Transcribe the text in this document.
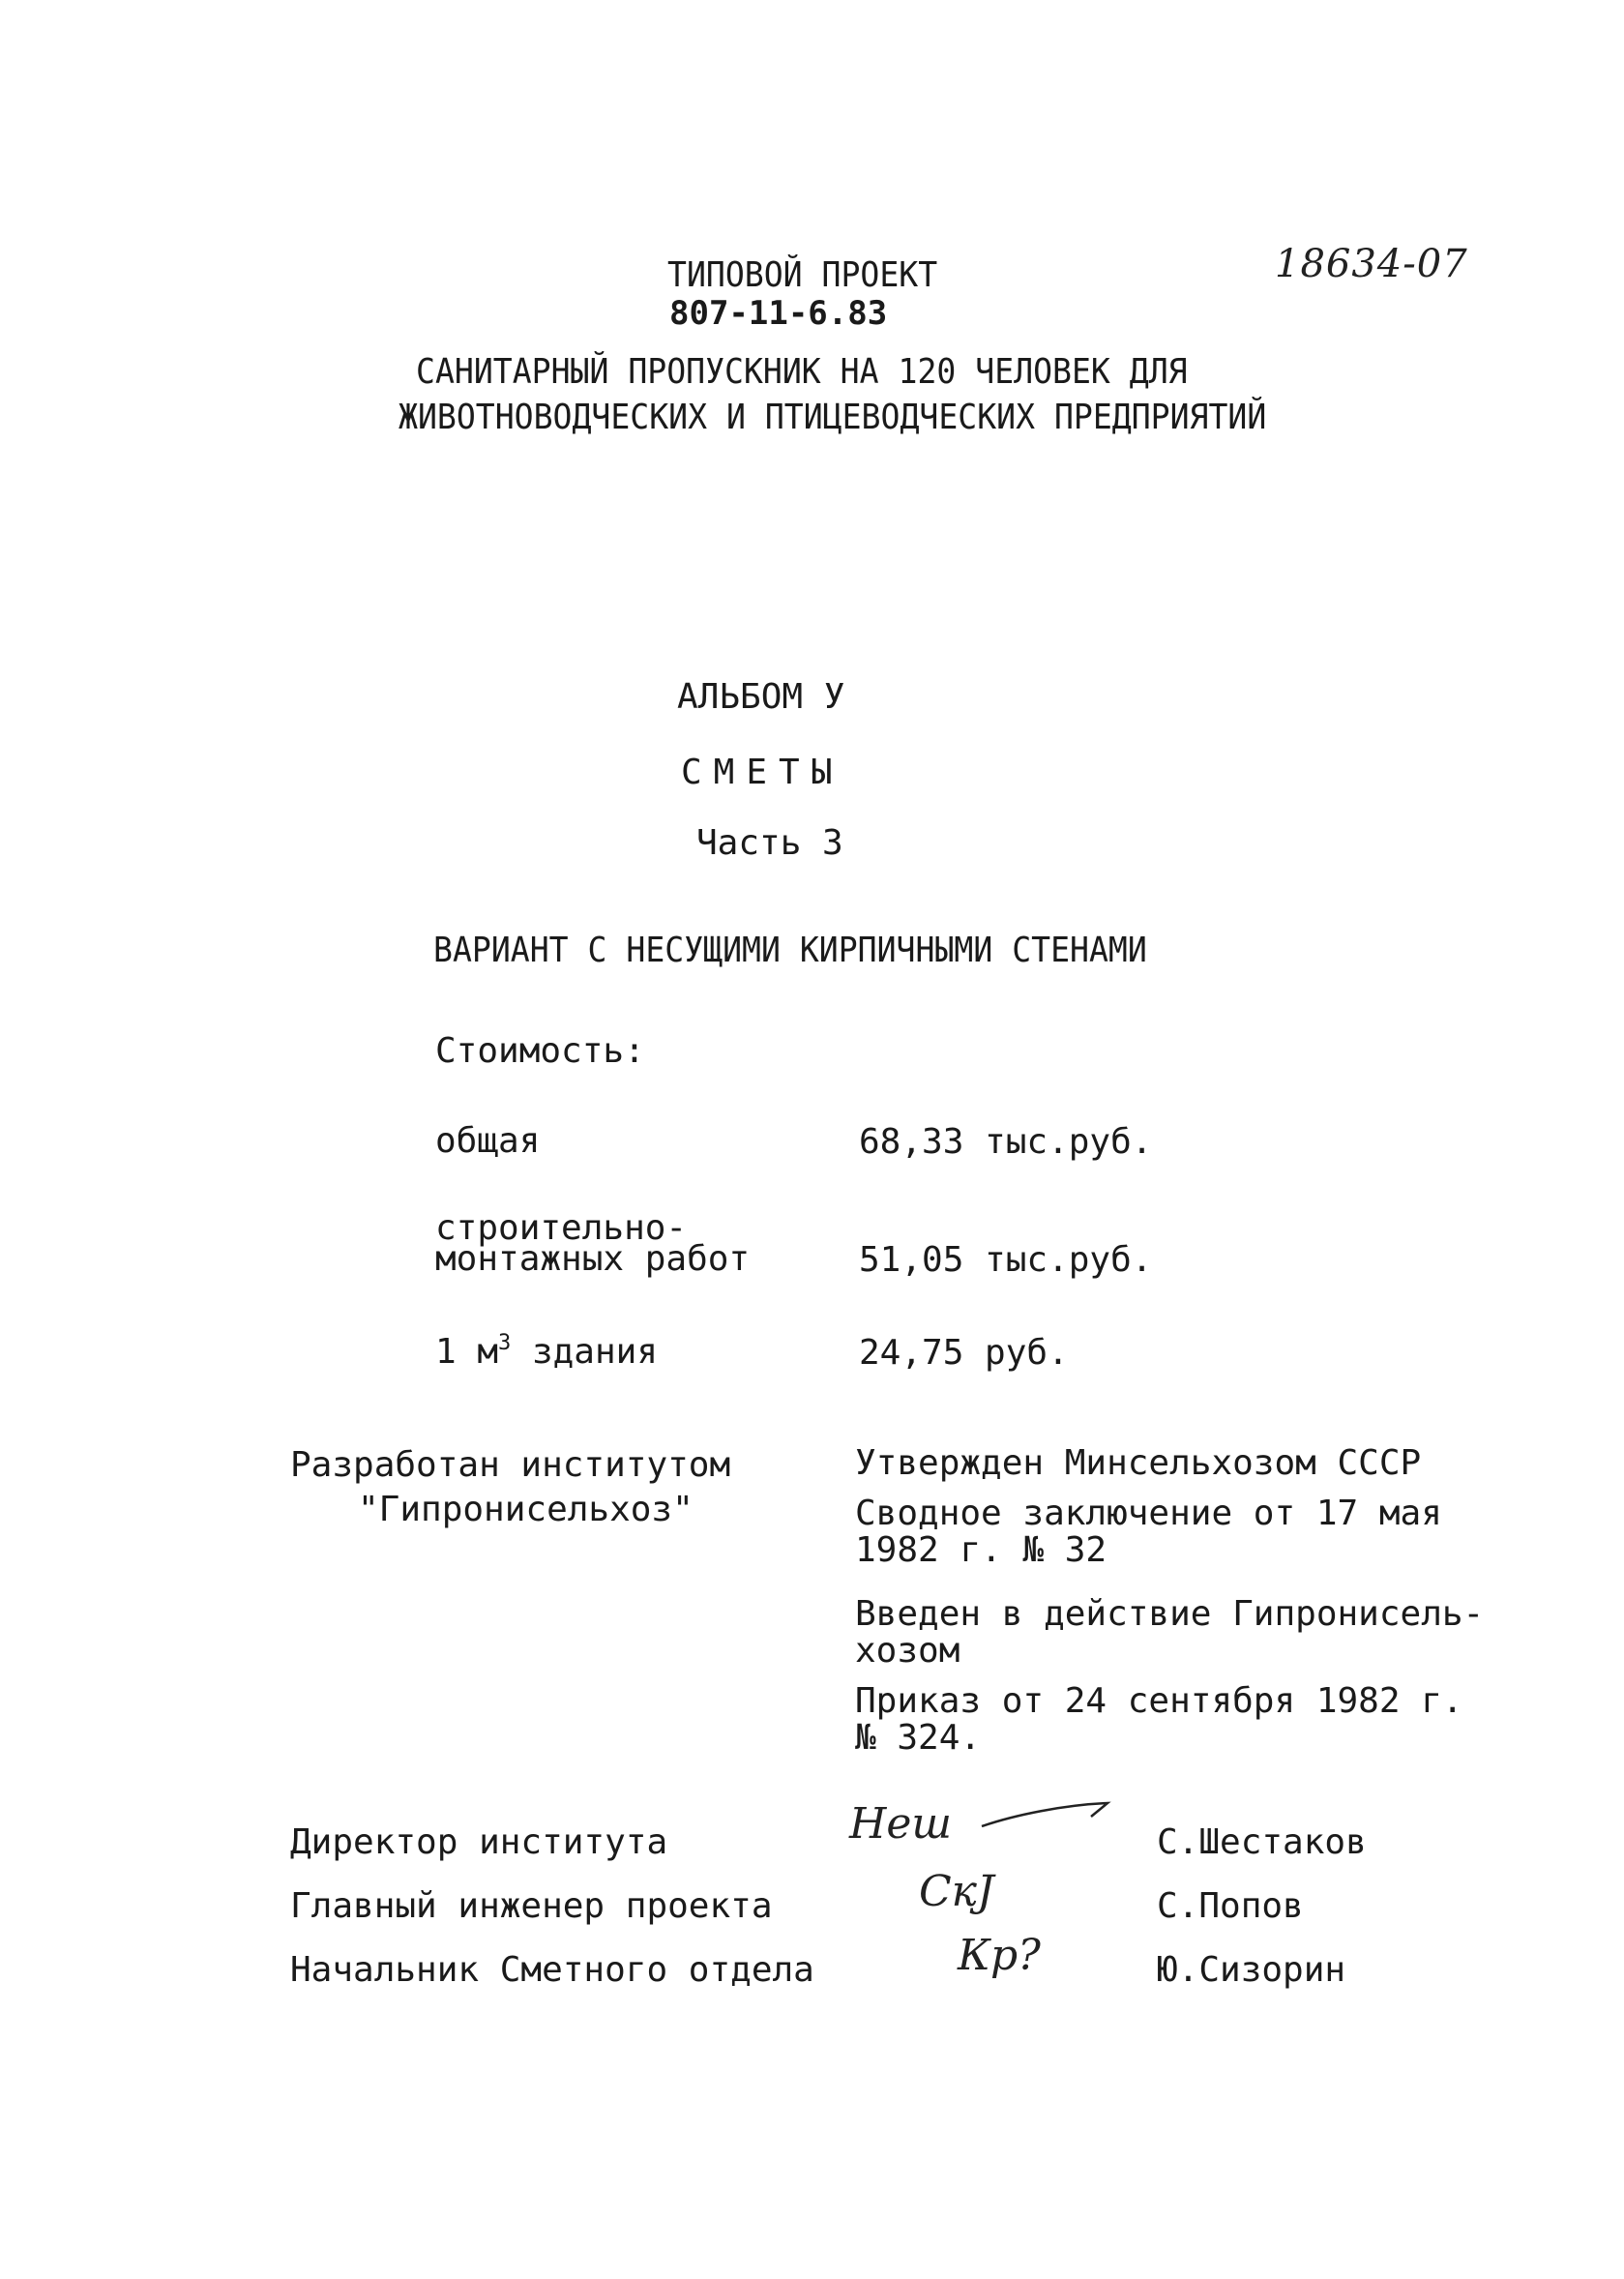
18634-07
ТИПОВОЙ ПРОЕКТ
807-11-6.83
САНИТАРНЫЙ ПРОПУСКНИК НА 120 ЧЕЛОВЕК ДЛЯ
ЖИВОТНОВОДЧЕСКИХ И ПТИЦЕВОДЧЕСКИХ ПРЕДПРИЯТИЙ
АЛЬБОМ У
СМЕТЫ
Часть 3
ВАРИАНТ С НЕСУЩИМИ КИРПИЧНЫМИ СТЕНАМИ
Стоимость:
общая	68,33 тыс.руб.
строительно-
монтажных работ	51,05 тыс.руб.
1 $м^3$ здания	24,75 руб.
Разработан институтом
"Гипронисельхоз"
Утвержден Минсельхозом СССР
Сводное заключение от 17 мая
1982 г. № 32
Введен в действие Гипронисель-
хозом
Приказ от 24 сентября 1982 г.
№ 324.
Директор института	Неш	С.Шестаков
Главный инженер проекта	СкJ	С.Попов
Начальник Сметного отдела	Кр?	Ю.Сизорин
